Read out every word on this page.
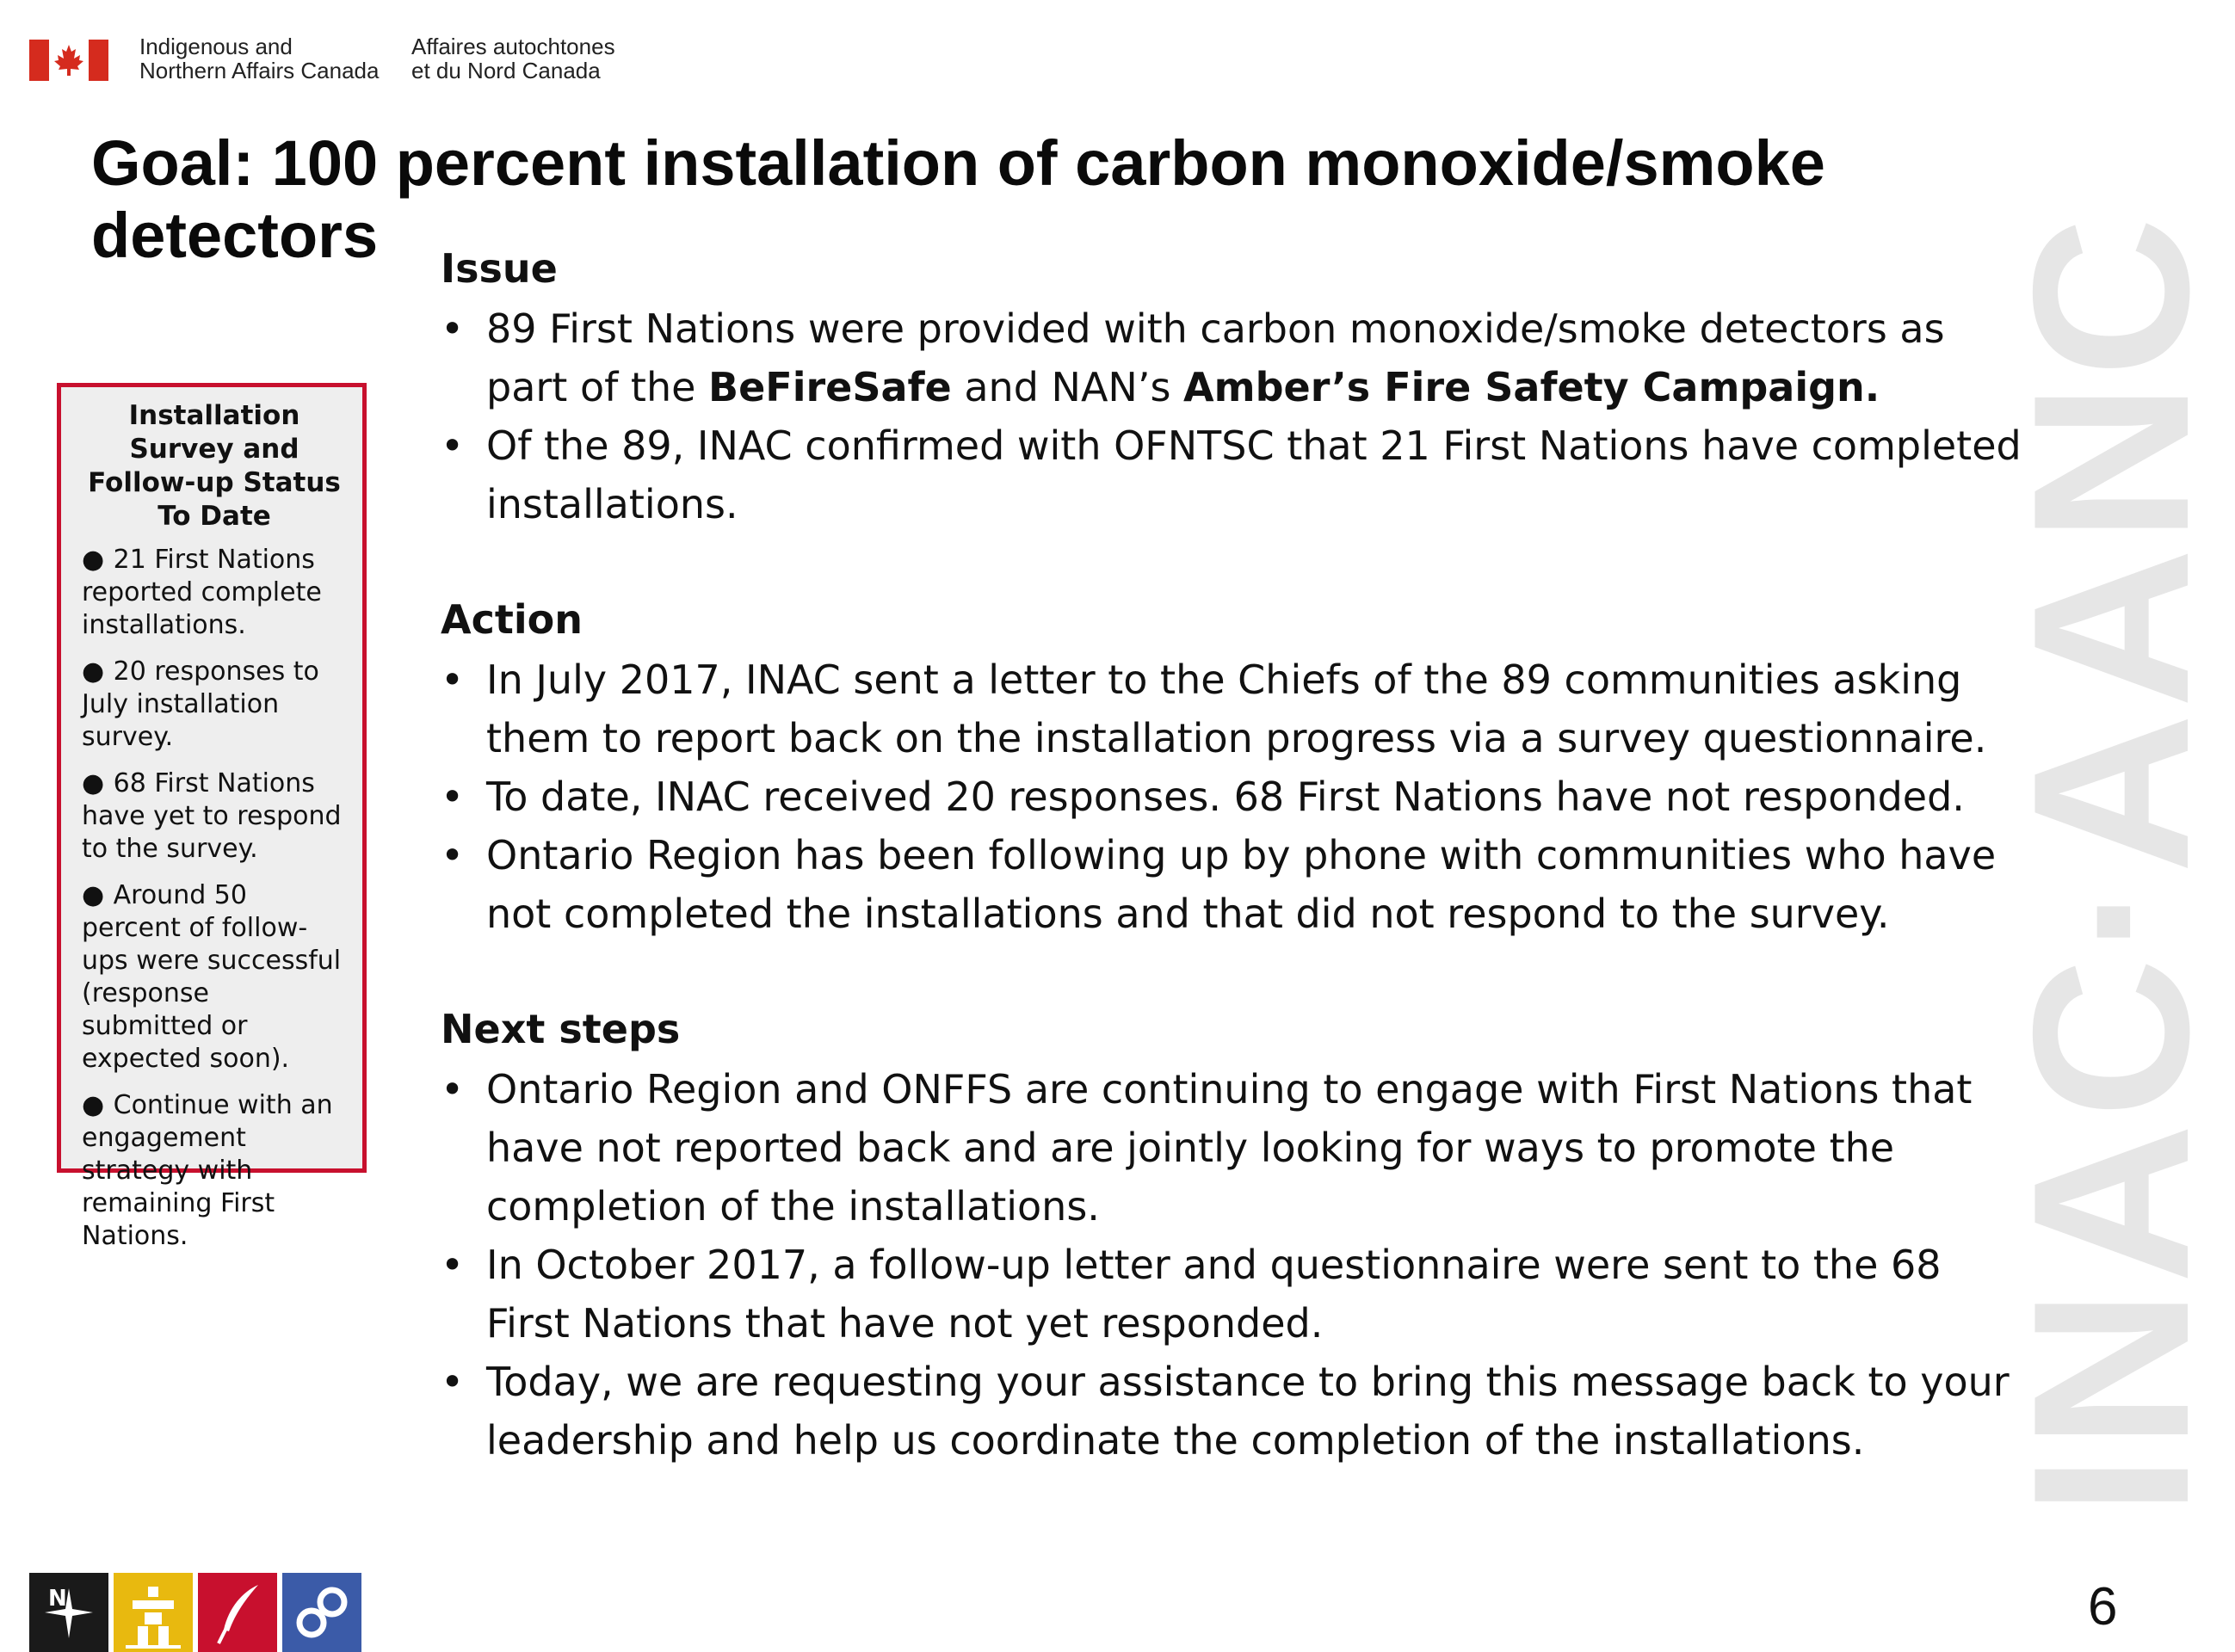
Indigenous and
Northern Affairs Canada
Affaires autochtones
et du Nord Canada
Goal: 100 percent installation of carbon monoxide/smoke detectors
Installation Survey and Follow-up Status To Date
● 21 First Nations reported complete installations.
● 20 responses to July installation survey.
● 68 First Nations have yet to respond to the survey.
● Around 50 percent of follow-ups were successful (response submitted or expected soon).
● Continue with an engagement strategy with remaining First Nations.
Issue
• 89 First Nations were provided with carbon monoxide/smoke detectors as part of the BeFireSafe and NAN’s Amber’s Fire Safety Campaign.
• Of the 89, INAC confirmed with OFNTSC that 21 First Nations have completed installations.
Action
• In July 2017, INAC sent a letter to the Chiefs of the 89 communities asking them to report back on the installation progress via a survey questionnaire.
• To date, INAC received 20 responses. 68 First Nations have not responded.
• Ontario Region has been following up by phone with communities who have not completed the installations and that did not respond to the survey.
Next steps
• Ontario Region and ONFFS are continuing to engage with First Nations that have not reported back and are jointly looking for ways to promote the completion of the installations.
• In October 2017, a follow-up letter and questionnaire were sent to the 68 First Nations that have not yet responded.
• Today, we are requesting your assistance to bring this message back to your leadership and help us coordinate the completion of the installations. INAC·AANC
N	6
